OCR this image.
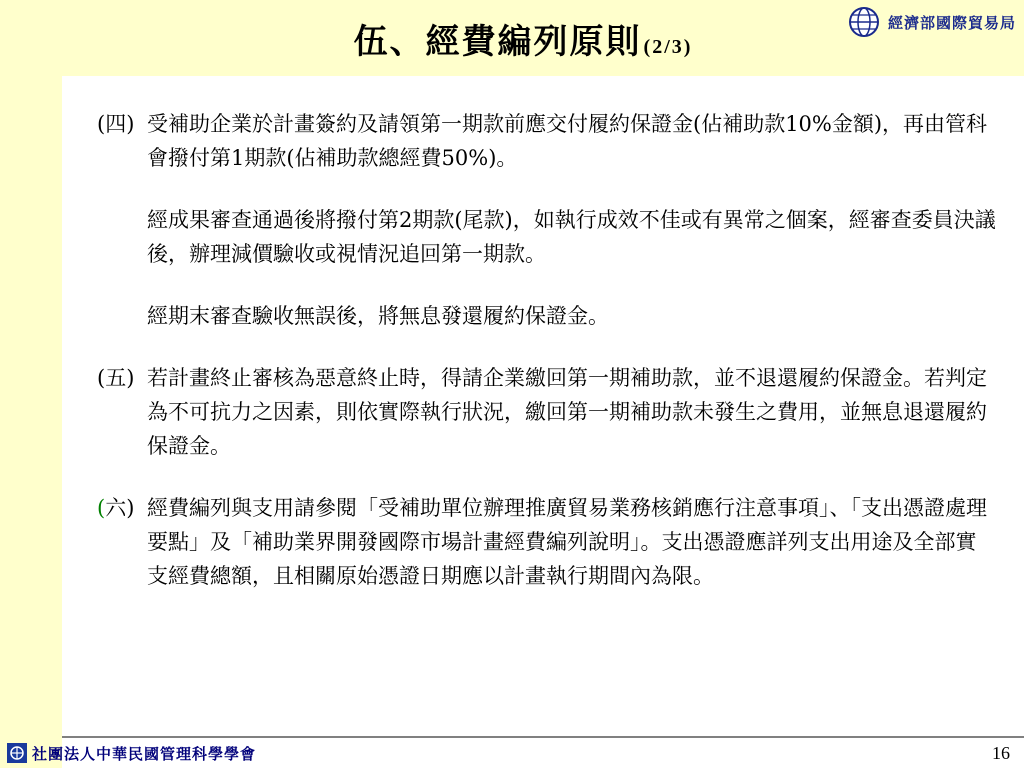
伍、經費編列原則 (2/3)
經濟部國際貿易局
(四) 受補助企業於計畫簽約及請領第一期款前應交付履約保證金(佔補助款10%金額)，再由管科會撥付第1期款(佔補助款總經費50%)。
經成果審查通過後將撥付第2期款(尾款)，如執行成效不佳或有異常之個案，經審查委員決議後，辦理減價驗收或視情況追回第一期款。
經期末審查驗收無誤後，將無息發還履約保證金。
(五) 若計畫終止審核為惡意終止時，得請企業繳回第一期補助款，並不退還履約保證金。若判定為不可抗力之因素，則依實際執行狀況，繳回第一期補助款未發生之費用，並無息退還履約保證金。
(六) 經費編列與支用請參閱「受補助單位辦理推廣貿易業務核銷應行注意事項」、「支出憑證處理要點」及「補助業界開發國際市場計畫經費編列說明」。支出憑證應詳列支出用途及全部實支經費總額，且相關原始憑證日期應以計畫執行期間內為限。
社團法人中華民國管理科學學會	16
